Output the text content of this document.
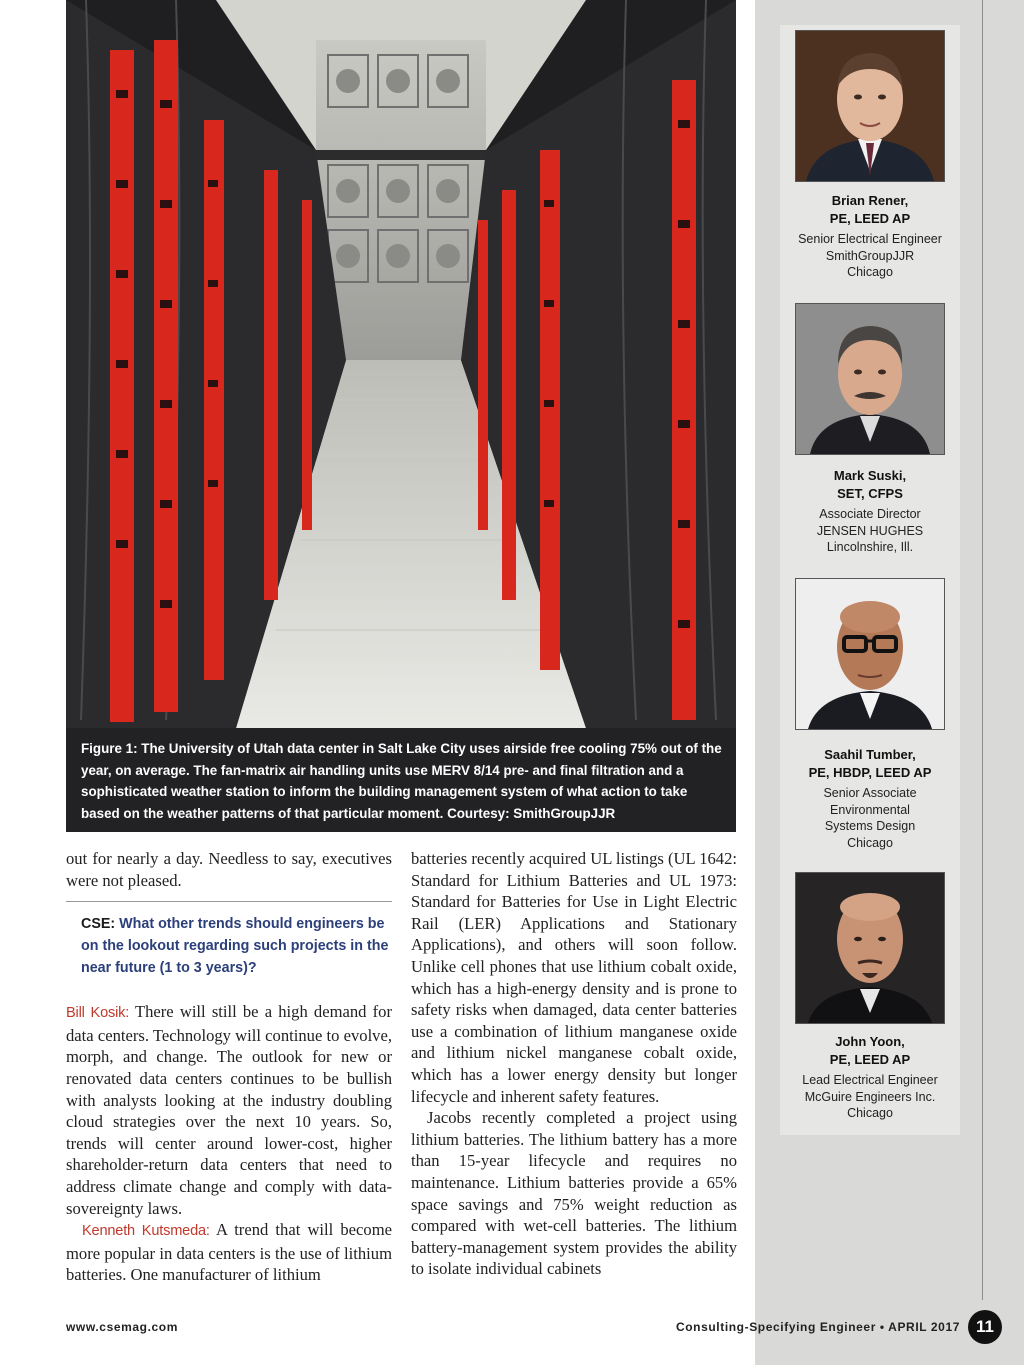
Brian Rener,
PE, LEED AP
Senior Electrical Engineer
SmithGroupJJR
Chicago
Mark Suski,
SET, CFPS
Associate Director
JENSEN HUGHES
Lincolnshire, Ill.
Saahil Tumber,
PE, HBDP, LEED AP
Senior Associate
Environmental
Systems Design
Chicago
John Yoon,
PE, LEED AP
Lead Electrical Engineer
McGuire Engineers Inc.
Chicago
Figure 1: The University of Utah data center in Salt Lake City uses airside free cooling 75% out of the year, on average. The fan-matrix air handling units use MERV 8/14 pre- and final filtration and a sophisticated weather station to inform the building management system of what action to take based on the weather patterns of that particular moment. Courtesy: SmithGroupJJR

out for nearly a day. Needless to say, executives were not pleased.

CSE: What other trends should engineers be on the lookout regarding such projects in the near future (1 to 3 years)?

Bill Kosik: There will still be a high demand for data centers. Technology will continue to evolve, morph, and change. The outlook for new or renovated data centers continues to be bullish with analysts looking at the industry doubling cloud strategies over the next 10 years. So, trends will center around lower-cost, higher shareholder-return data centers that need to address climate change and comply with data-sovereignty laws.

Kenneth Kutsmeda: A trend that will become more popular in data centers is the use of lithium batteries. One manufacturer of lithium

batteries recently acquired UL listings (UL 1642: Standard for Lithium Batteries and UL 1973: Standard for Batteries for Use in Light Electric Rail (LER) Applications and Stationary Applications), and others will soon follow. Unlike cell phones that use lithium cobalt oxide, which has a high-energy density and is prone to safety risks when damaged, data center batteries use a combination of lithium manganese oxide and lithium nickel manganese cobalt oxide, which has a lower energy density but longer lifecycle and inherent safety features.

Jacobs recently completed a project using lithium batteries. The lithium battery has a more than 15-year lifecycle and requires no maintenance. Lithium batteries provide a 65% space savings and 75% weight reduction as compared with wet-cell batteries. The lithium battery-management system provides the ability to isolate individual cabinets

www.csemag.com	Consulting-Specifying Engineer • APRIL 2017 11
